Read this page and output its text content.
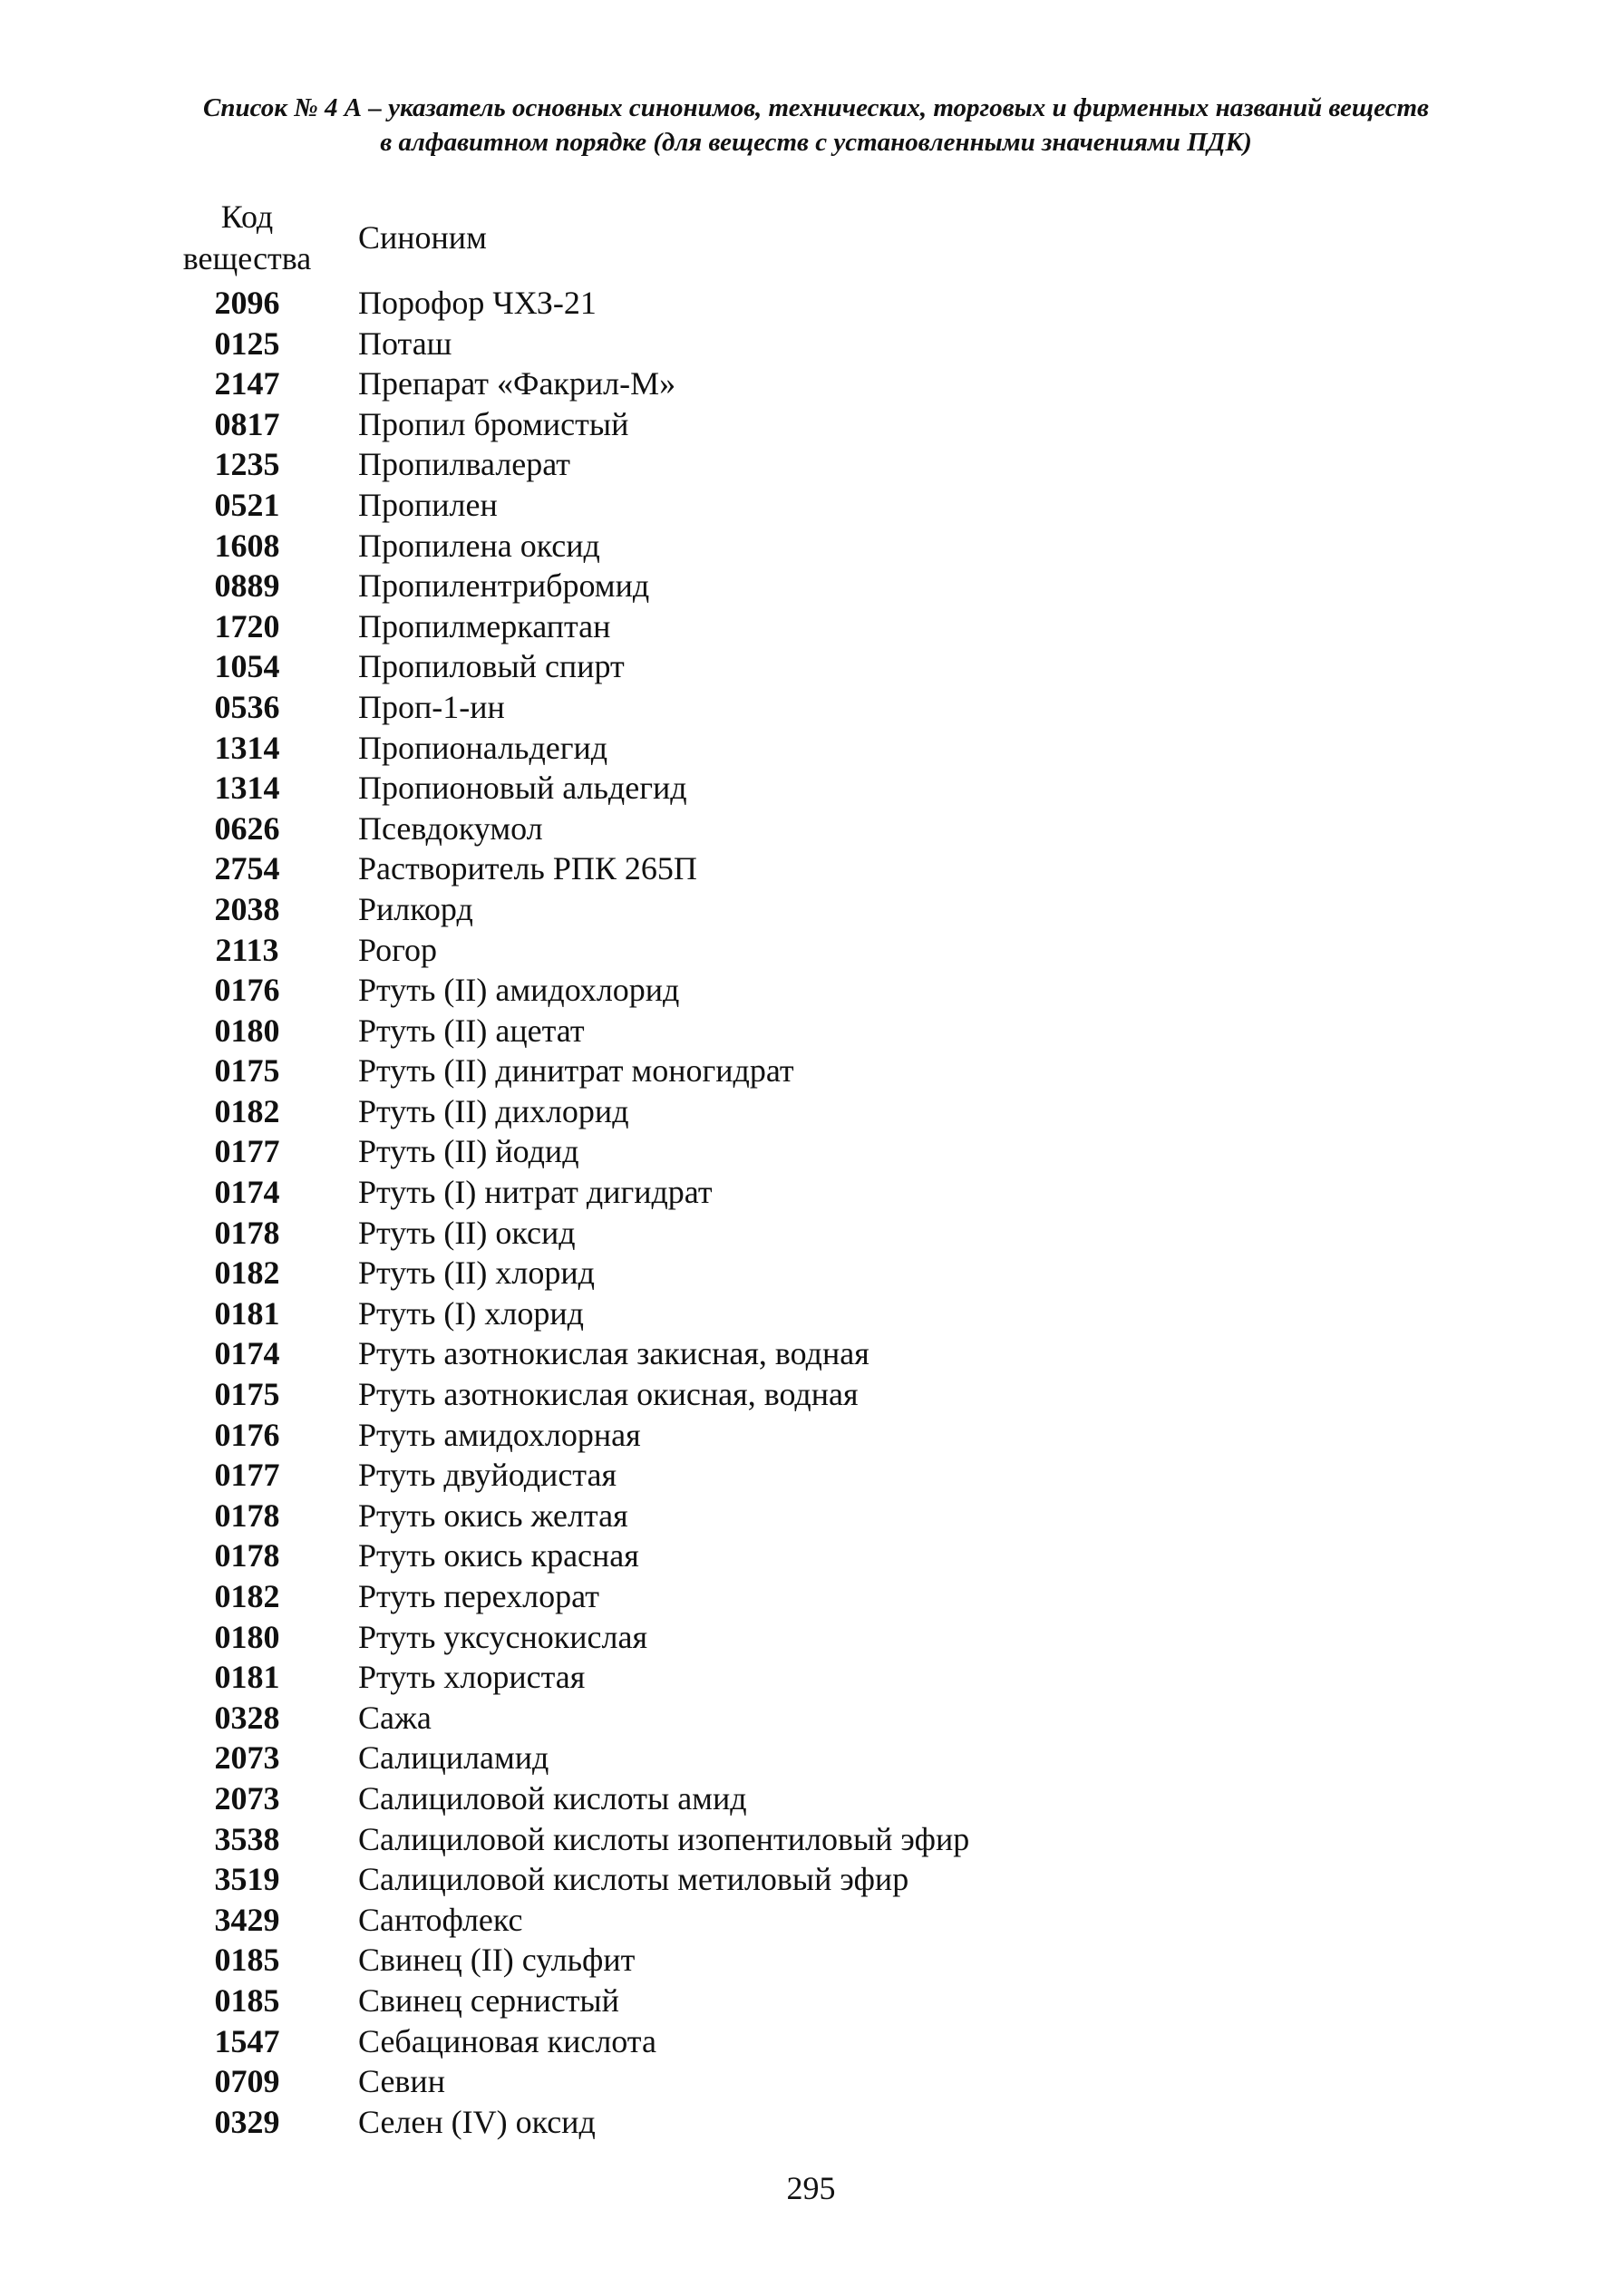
Список № 4 А – указатель основных синонимов, технических, торговых и фирменных названий веществ
в алфавитном порядке (для веществ с установленными значениями ПДК)
Код
вещества
Синоним
2096	Порофор ЧХЗ-21
0125	Поташ
2147	Препарат «Факрил-М»
0817	Пропил бромистый
1235	Пропилвалерат
0521	Пропилен
1608	Пропилена оксид
0889	Пропилентрибромид
1720	Пропилмеркаптан
1054	Пропиловый спирт
0536	Проп-1-ин
1314	Пропиональдегид
1314	Пропионовый альдегид
0626	Псевдокумол
2754	Растворитель РПК 265П
2038	Рилкорд
2113	Рогор
0176	Ртуть (II) амидохлорид
0180	Ртуть (II) ацетат
0175	Ртуть (II) динитрат моногидрат
0182	Ртуть (II) дихлорид
0177	Ртуть (II) йодид
0174	Ртуть (I) нитрат дигидрат
0178	Ртуть (II) оксид
0182	Ртуть (II) хлорид
0181	Ртуть (I) хлорид
0174	Ртуть азотнокислая закисная, водная
0175	Ртуть азотнокислая окисная, водная
0176	Ртуть амидохлорная
0177	Ртуть двуйодистая
0178	Ртуть окись желтая
0178	Ртуть окись красная
0182	Ртуть перехлорат
0180	Ртуть уксуснокислая
0181	Ртуть хлористая
0328	Сажа
2073	Салициламид
2073	Салициловой кислоты амид
3538	Салициловой кислоты изопентиловый эфир
3519	Салициловой кислоты метиловый эфир
3429	Сантофлекс
0185	Свинец (II) сульфит
0185	Свинец сернистый
1547	Себациновая кислота
0709	Севин
0329	Селен (IV) оксид
295
